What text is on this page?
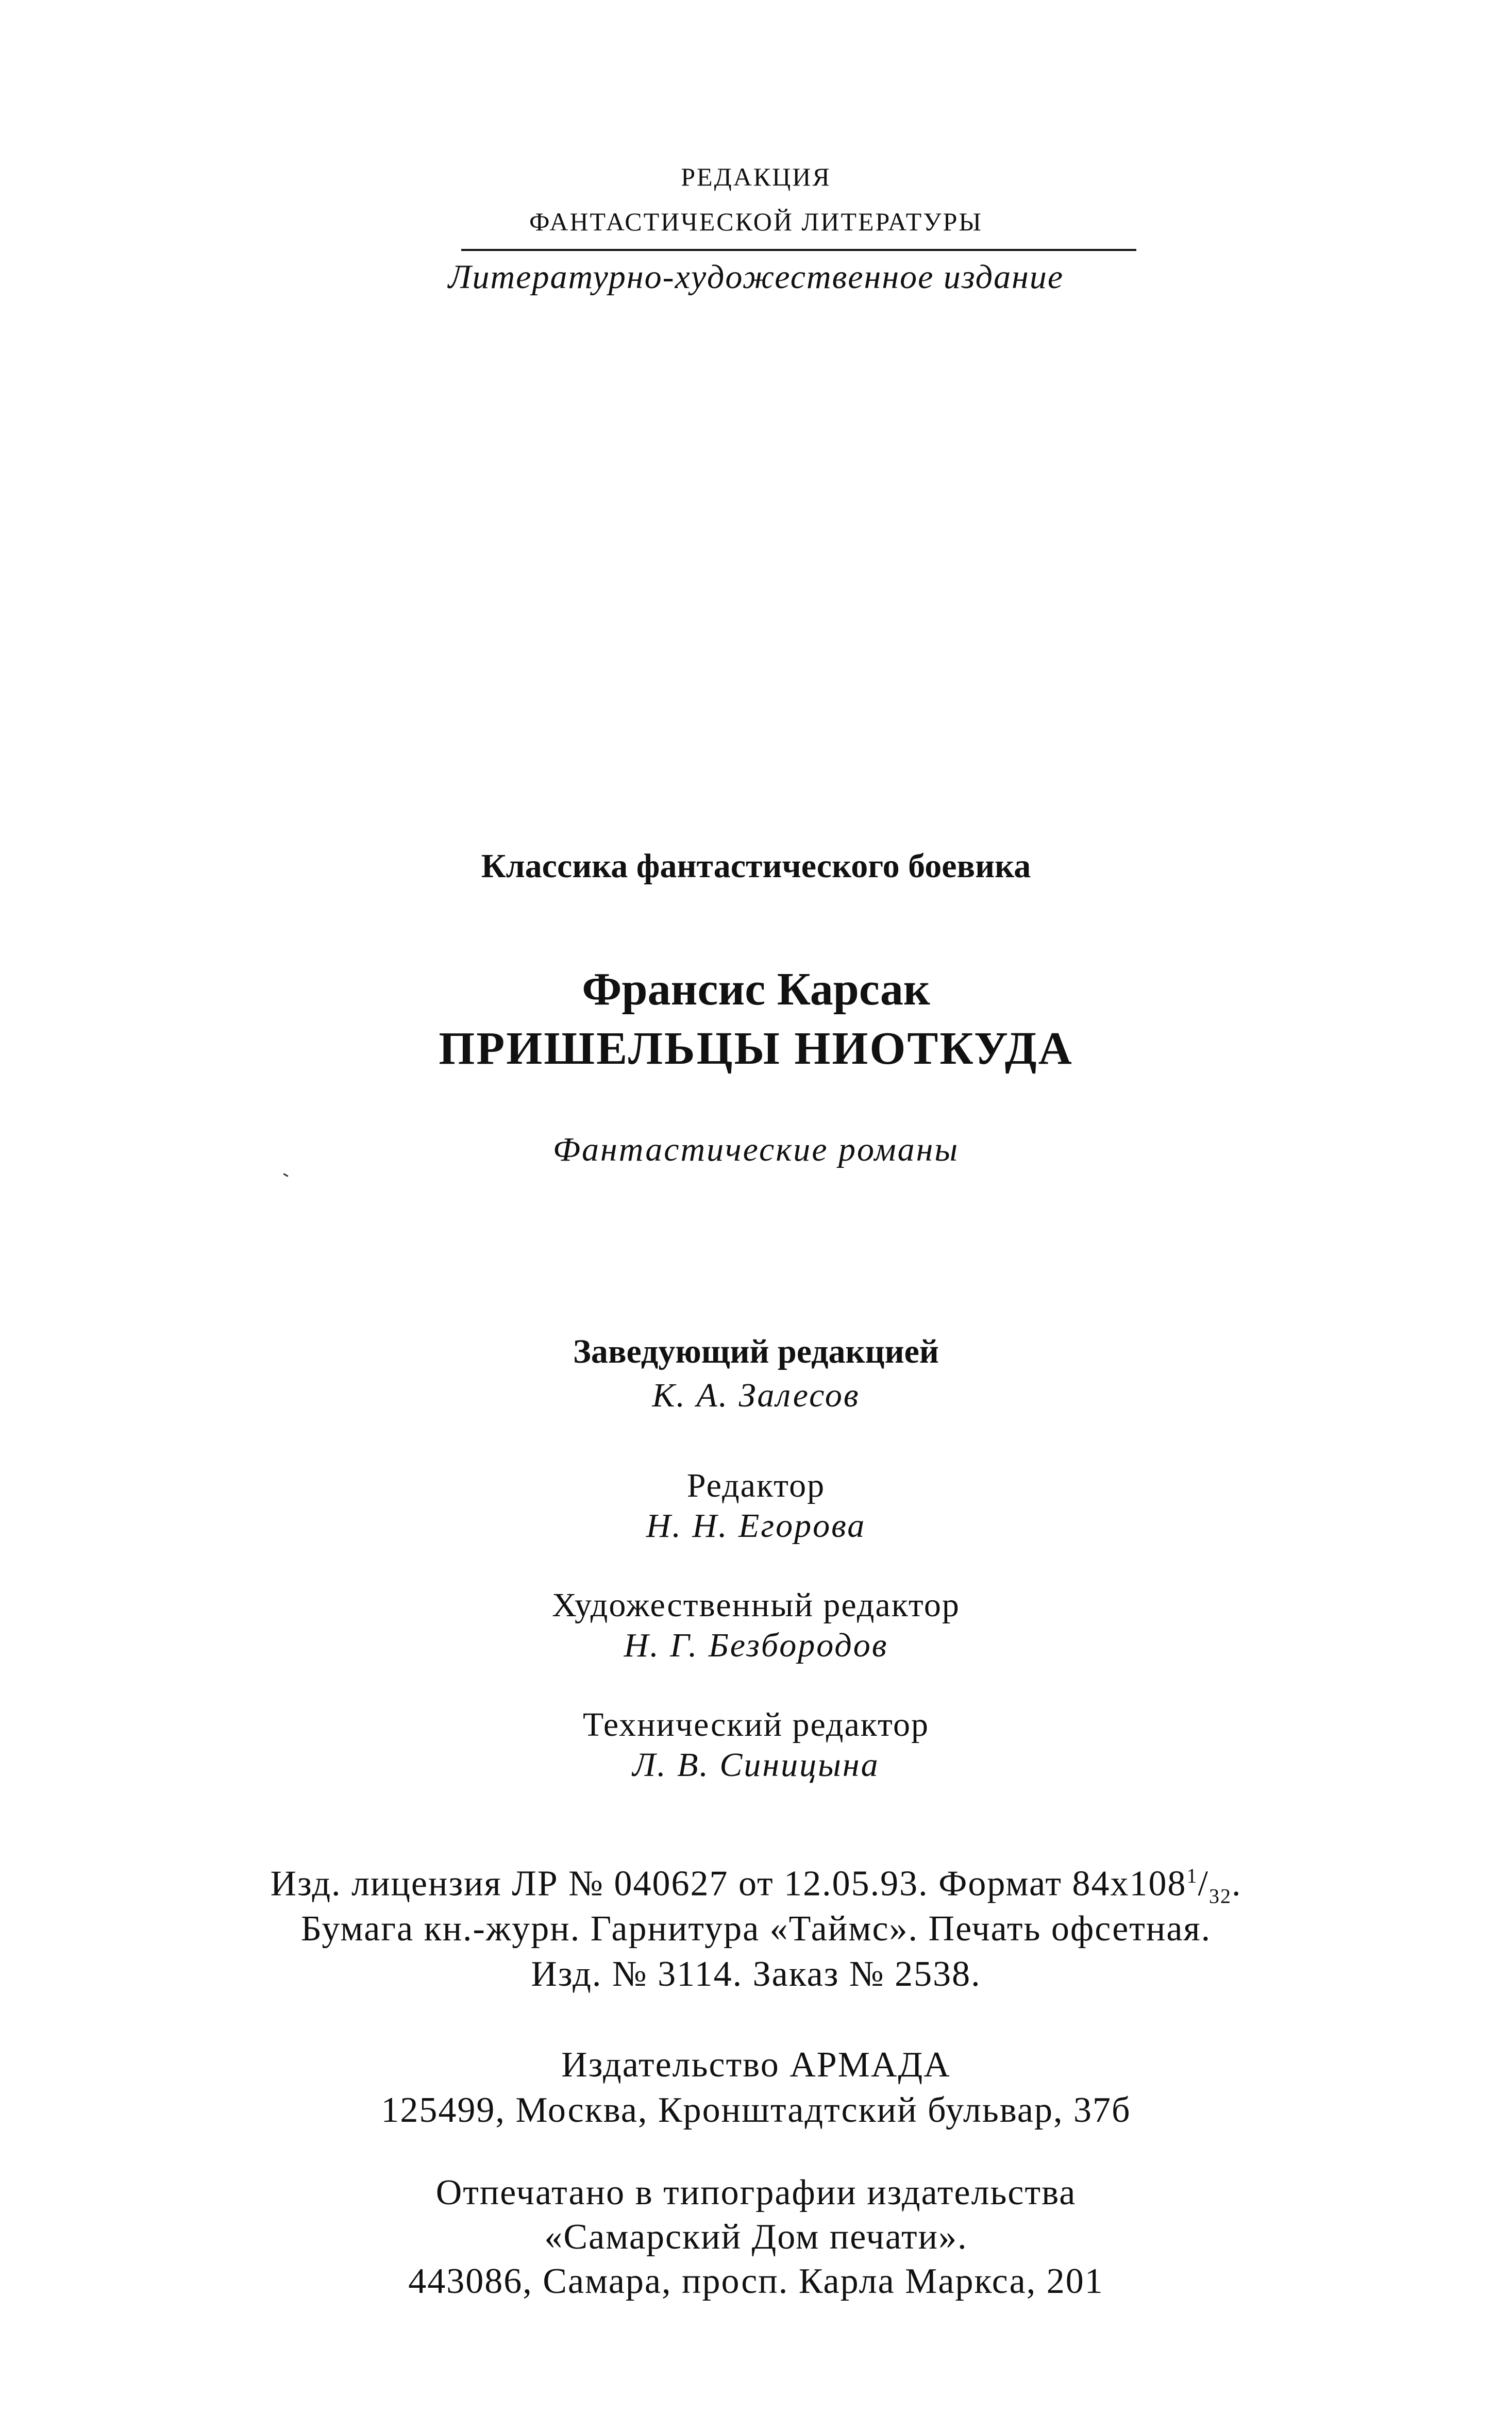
РЕДАКЦИЯ
ФАНТАСТИЧЕСКОЙ ЛИТЕРАТУРЫ
Литературно-художественное издание
Классика фантастического боевика
Франсис Карсак
ПРИШЕЛЬЦЫ НИОТКУДА
Фантастические романы
Заведующий редакцией
К. А. Залесов
Редактор
Н. Н. Егорова
Художественный редактор
Н. Г. Безбородов
Технический редактор
Л. В. Синицына
Изд. лицензия ЛР № 040627 от 12.05.93. Формат $84x108^1/_{32}$.
Бумага кн.-журн. Гарнитура «Таймс». Печать офсетная.
Изд. № 3114. Заказ № 2538.
Издательство АРМАДА
125499, Москва, Кронштадтский бульвар, 37б
Отпечатано в типографии издательства
«Самарский Дом печати».
443086, Самара, просп. Карла Маркса, 201
